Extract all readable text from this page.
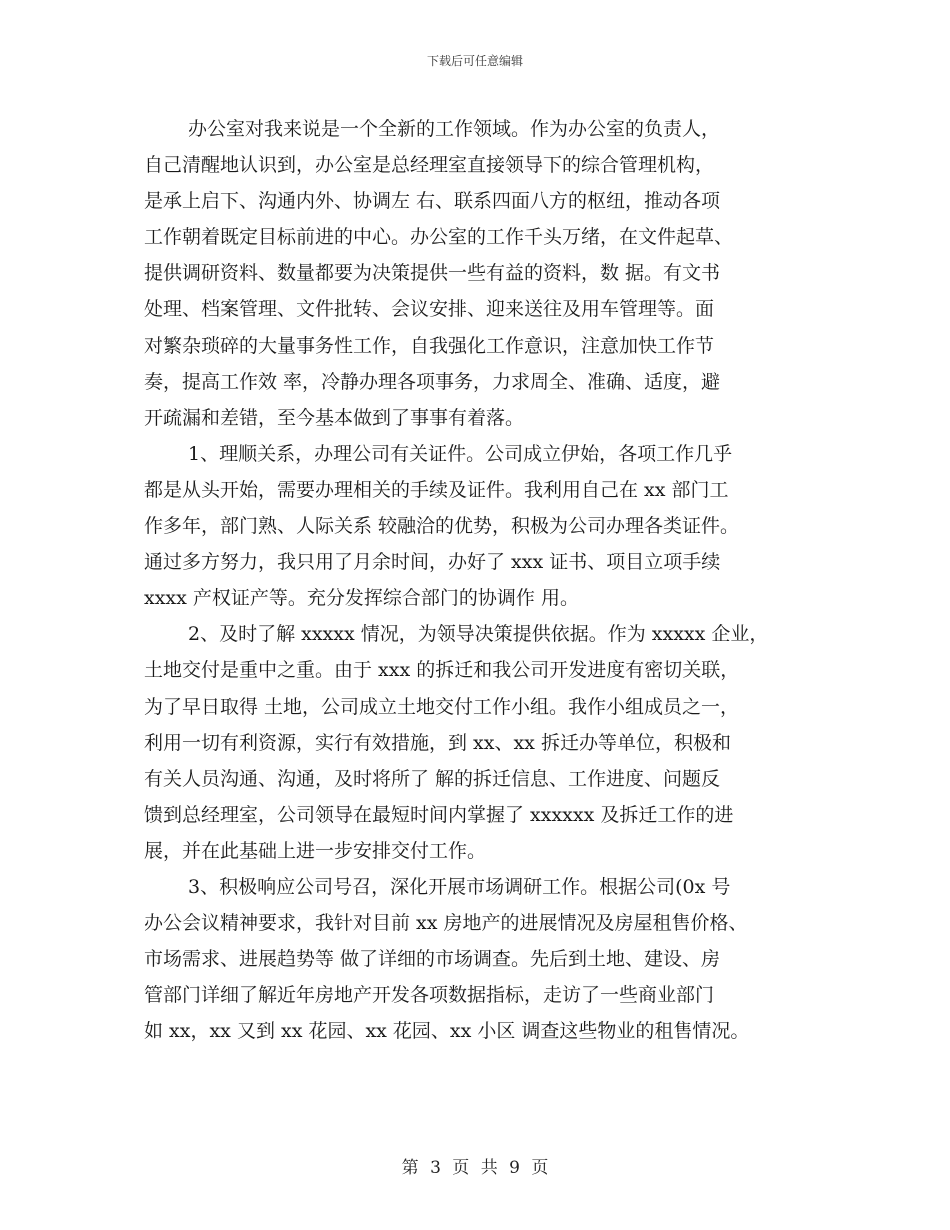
下载后可任意编辑
办公室对我来说是一个全新的工作领域。作为办公室的负责人，
自己清醒地认识到，办公室是总经理室直接领导下的综合管理机构，
是承上启下、沟通内外、协调左 右、联系四面八方的枢纽，推动各项
工作朝着既定目标前进的中心。办公室的工作千头万绪，在文件起草、
提供调研资料、数量都要为决策提供一些有益的资料，数 据。有文书
处理、档案管理、文件批转、会议安排、迎来送往及用车管理等。面
对繁杂琐碎的大量事务性工作，自我强化工作意识，注意加快工作节
奏，提高工作效 率，冷静办理各项事务，力求周全、准确、适度，避
开疏漏和差错，至今基本做到了事事有着落。
1、理顺关系，办理公司有关证件。公司成立伊始，各项工作几乎
都是从头开始，需要办理相关的手续及证件。我利用自己在 xx 部门工
作多年，部门熟、人际关系 较融洽的优势，积极为公司办理各类证件。
通过多方努力，我只用了月余时间，办好了 xxx 证书、项目立项手续
xxxx 产权证产等。充分发挥综合部门的协调作 用。
2、及时了解 xxxxx 情况，为领导决策提供依据。作为 xxxxx 企业，
土地交付是重中之重。由于 xxx 的拆迁和我公司开发进度有密切关联，
为了早日取得 土地，公司成立土地交付工作小组。我作小组成员之一，
利用一切有利资源，实行有效措施，到 xx、xx 拆迁办等单位，积极和
有关人员沟通、沟通，及时将所了 解的拆迁信息、工作进度、问题反
馈到总经理室，公司领导在最短时间内掌握了 xxxxxx 及拆迁工作的进
展，并在此基础上进一步安排交付工作。
3、积极响应公司号召，深化开展市场调研工作。根据公司(0x 号
办公会议精神要求，我针对目前 xx 房地产的进展情况及房屋租售价格、
市场需求、进展趋势等 做了详细的市场调查。先后到土地、建设、房
管部门详细了解近年房地产开发各项数据指标，走访了一些商业部门
如 xx，xx 又到 xx 花园、xx 花园、xx 小区 调查这些物业的租售情况。
第 3 页 共 9 页
